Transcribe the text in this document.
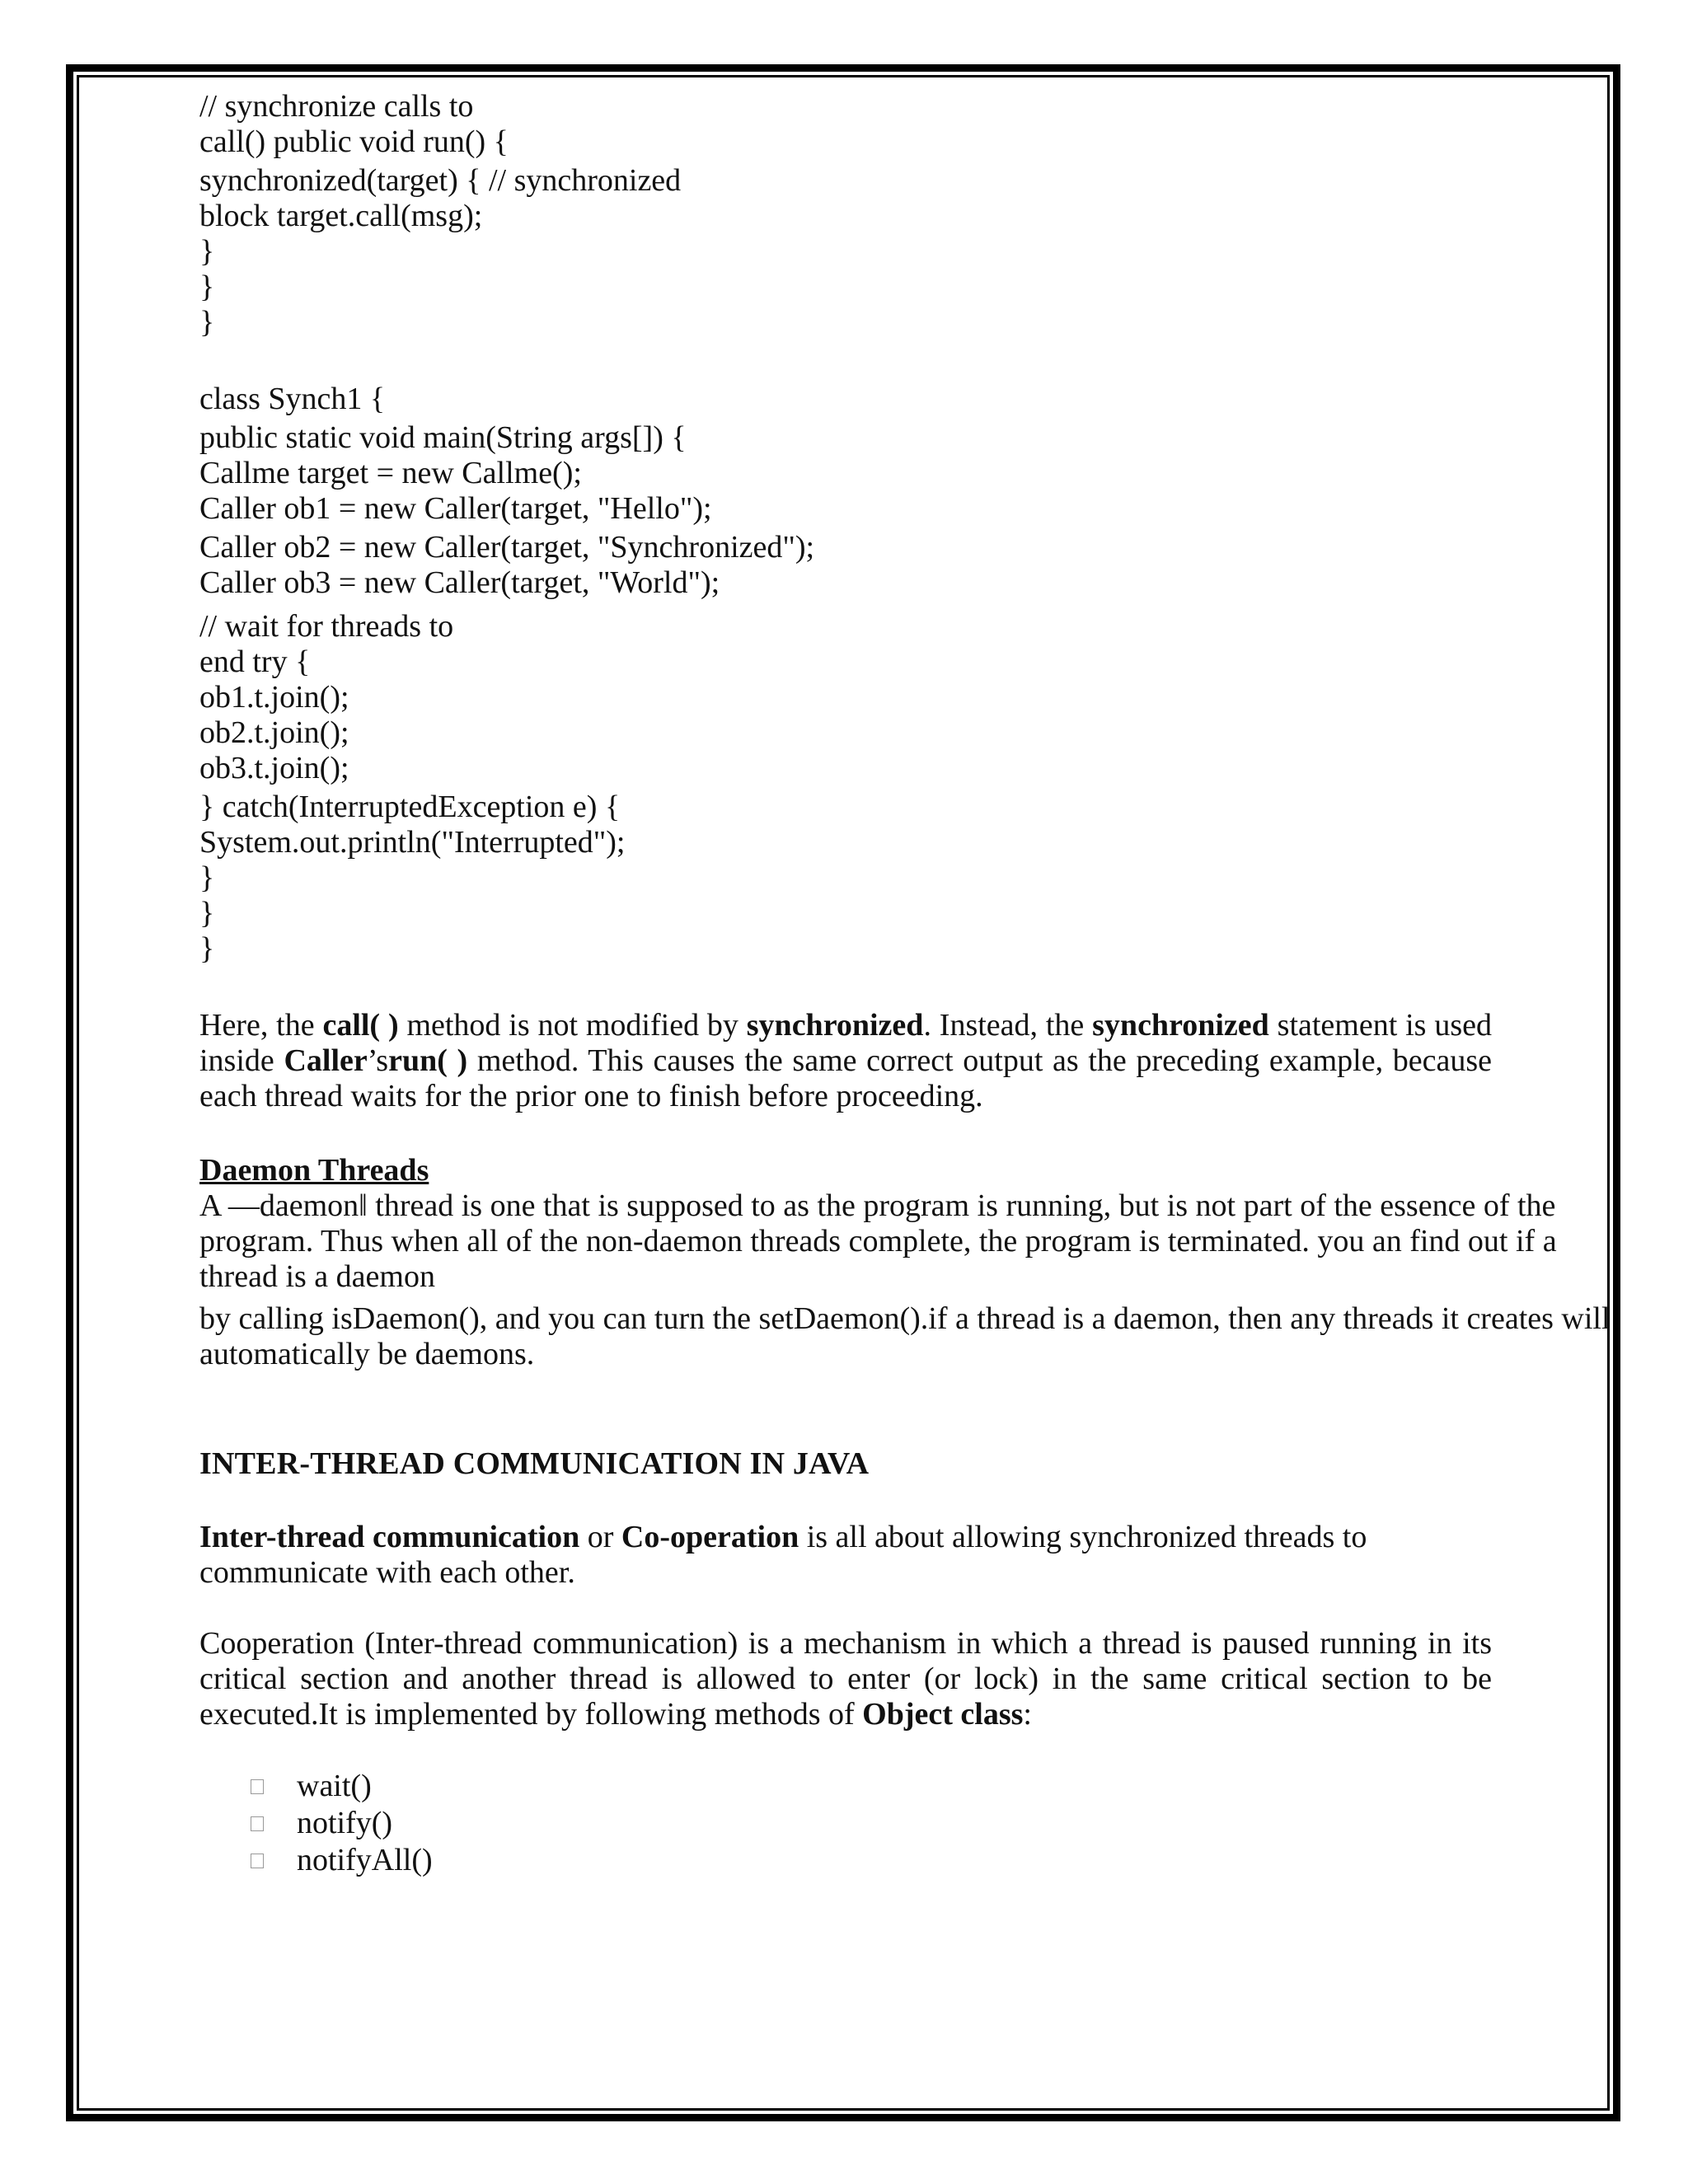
// synchronize calls to

call() public void run() {

synchronized(target) { // synchronized

block target.call(msg);

}

}

}

class Synch1 {

public static void main(String args[]) {

Callme target = new Callme();

Caller ob1 = new Caller(target, "Hello");

Caller ob2 = new Caller(target, "Synchronized");

Caller ob3 = new Caller(target, "World");

// wait for threads to

end try {

ob1.t.join();

ob2.t.join();

ob3.t.join();

} catch(InterruptedException e) {

System.out.println("Interrupted");

}

}

}

Here, the call( ) method is not modified by synchronized. Instead, the synchronized statement is used inside Caller’srun( ) method. This causes the same correct output as the preceding example, because each thread waits for the prior one to finish before proceeding.

Daemon Threads

A ―daemon‖ thread is one that is supposed to as the program is running, but is not part of the essence of the program. Thus when all of the non-daemon threads complete, the program is terminated. you an find out if a thread is a daemon

by calling isDaemon(), and you can turn the setDaemon().if a thread is a daemon, then any threads it creates will automatically be daemons.

INTER-THREAD COMMUNICATION IN JAVA

Inter-thread communication or Co-operation is all about allowing synchronized threads to communicate with each other.

Cooperation (Inter-thread communication) is a mechanism in which a thread is paused running in its critical section and another thread is allowed to enter (or lock) in the same critical section to be executed.It is implemented by following methods of Object class:

wait()
notify()
notifyAll()
